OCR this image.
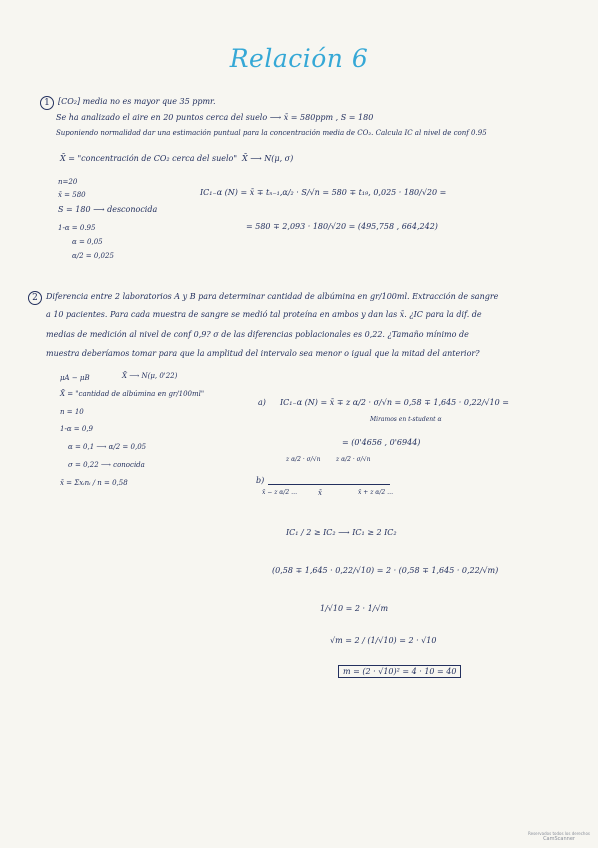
Relación 6
1	[CO₂] media no es mayor que 35 ppmr.
Se ha analizado el aire en 20 puntos cerca del suelo ⟶ x̄ = 580ppm , S = 180
Suponiendo normalidad dar una estimación puntual para la concentración media de CO₂. Calcula IC al nivel de conf 0.95
X̄ = "concentración de CO₂ cerca del suelo" X̄ ⟶ N(μ, σ)
n=20
x̄ = 580
S = 180 ⟶ desconocida
1-α = 0.95
α = 0,05
α/2 = 0,025
IC₁₋α (N) = x̄ ∓ tₙ₋₁,α/₂ · S/√n = 580 ∓ t₁₉, 0,025 · 180/√20 =
= 580 ∓ 2,093 · 180/√20 = (495,758 , 664,242)
2	Diferencia entre 2 laboratorios A y B para determinar cantidad de albúmina en gr/100ml. Extracción de sangre
a 10 pacientes. Para cada muestra de sangre se medió tal proteína en ambos y dan las x̄. ¿IC para la dif. de
medias de medición al nivel de conf 0,9? σ de las diferencias poblacionales es 0,22. ¿Tamaño mínimo de
muestra deberíamos tomar para que la amplitud del intervalo sea menor o igual que la mitad del anterior?
μA − μB	X̄ ⟶ N(μ, 0'22)
X̄ = "cantidad de albúmina en gr/100ml"
n = 10
1-α = 0,9
α = 0,1 ⟶ α/2 = 0,05
σ = 0,22 ⟶ conocida
x̄ = Σxᵢnᵢ / n = 0,58
a) IC₁₋α (N) = x̄ ∓ z α/2 · σ/√n = 0,58 ∓ 1,645 · 0,22/√10 =
Miramos en t-student α
= (0'4656 , 0'6944)
b)
z α/2 · σ/√n	z α/2 · σ/√n
x̄ − z α/2 …	x̄	x̄ + z α/2 …
IC₁ / 2 ≥ IC₂ ⟶ IC₁ ≥ 2 IC₂
(0,58 ∓ 1,645 · 0,22/√10) = 2 · (0,58 ∓ 1,645 · 0,22/√m)
1/√10 = 2 · 1/√m
√m = 2 / (1/√10) = 2 · √10
m = (2 · √10)² = 4 · 10 = 40
Reservados todos los derechos
CamScanner
